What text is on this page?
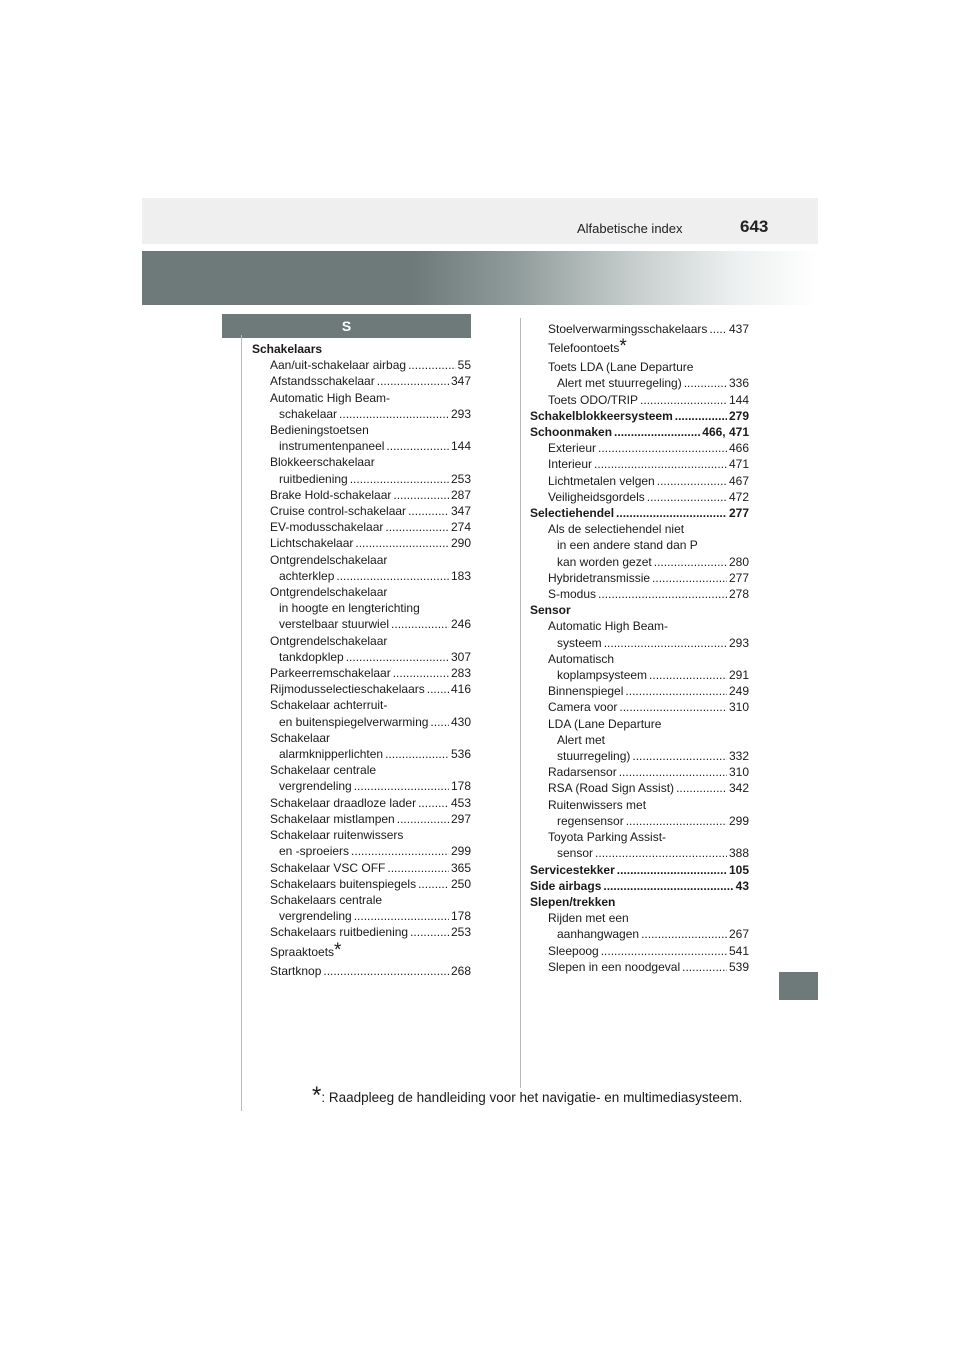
Alfabetische index	643
S
Schakelaars
Aan/uit-schakelaar airbag .....	55
Afstandsschakelaar .....	347
Automatic High Beam-
schakelaar .....	293
Bedieningstoetsen
instrumentenpaneel .....	144
Blokkeerschakelaar
ruitbediening .....	253
Brake Hold-schakelaar .....	287
Cruise control-schakelaar .....	347
EV-modusschakelaar .....	274
Lichtschakelaar .....	290
Ontgrendelschakelaar
achterklep .....	183
Ontgrendelschakelaar
in hoogte en lengterichting
verstelbaar stuurwiel .....	246
Ontgrendelschakelaar
tankdopklep .....	307
Parkeerremschakelaar .....	283
Rijmodusselectieschakelaars ..... 416
Schakelaar achterruit-
en buitenspiegelverwarming ..... 430
Schakelaar
alarmknipperlichten .....	536
Schakelaar centrale
vergrendeling .....	178
Schakelaar draadloze lader .....	453
Schakelaar mistlampen .....	297
Schakelaar ruitenwissers
en -sproeiers .....	299
Schakelaar VSC OFF .....	365
Schakelaars buitenspiegels .....	250
Schakelaars centrale
vergrendeling .....	178
Schakelaars ruitbediening .....	253
Spraaktoets *
Startknop .....	268
Stoelverwarmingsschakelaars ..... 437
Telefoontoets *
Toets LDA (Lane Departure
Alert met stuurregeling) .....	336
Toets ODO/TRIP .....	144
Schakelblokkeersysteem .....	279
Schoonmaken .....	466, 471
Exterieur .....	466
Interieur .....	471
Lichtmetalen velgen .....	467
Veiligheidsgordels .....	472
Selectiehendel .....	277
Als de selectiehendel niet
in een andere stand dan P
kan worden gezet .....	280
Hybridetransmissie .....	277
S-modus .....	278
Sensor
Automatic High Beam-
systeem .....	293
Automatisch
koplampsysteem .....	291
Binnenspiegel .....	249
Camera voor .....	310
LDA (Lane Departure
Alert met
stuurregeling) .....	332
Radarsensor .....	310
RSA (Road Sign Assist) .....	342
Ruitenwissers met
regensensor .....	299
Toyota Parking Assist-
sensor .....	388
Servicestekker .....	105
Side airbags .....	43
Slepen/trekken
Rijden met een
aanhangwagen .....	267
Sleepoog .....	541
Slepen in een noodgeval .....	539
*: Raadpleeg de handleiding voor het navigatie- en multimediasysteem.
